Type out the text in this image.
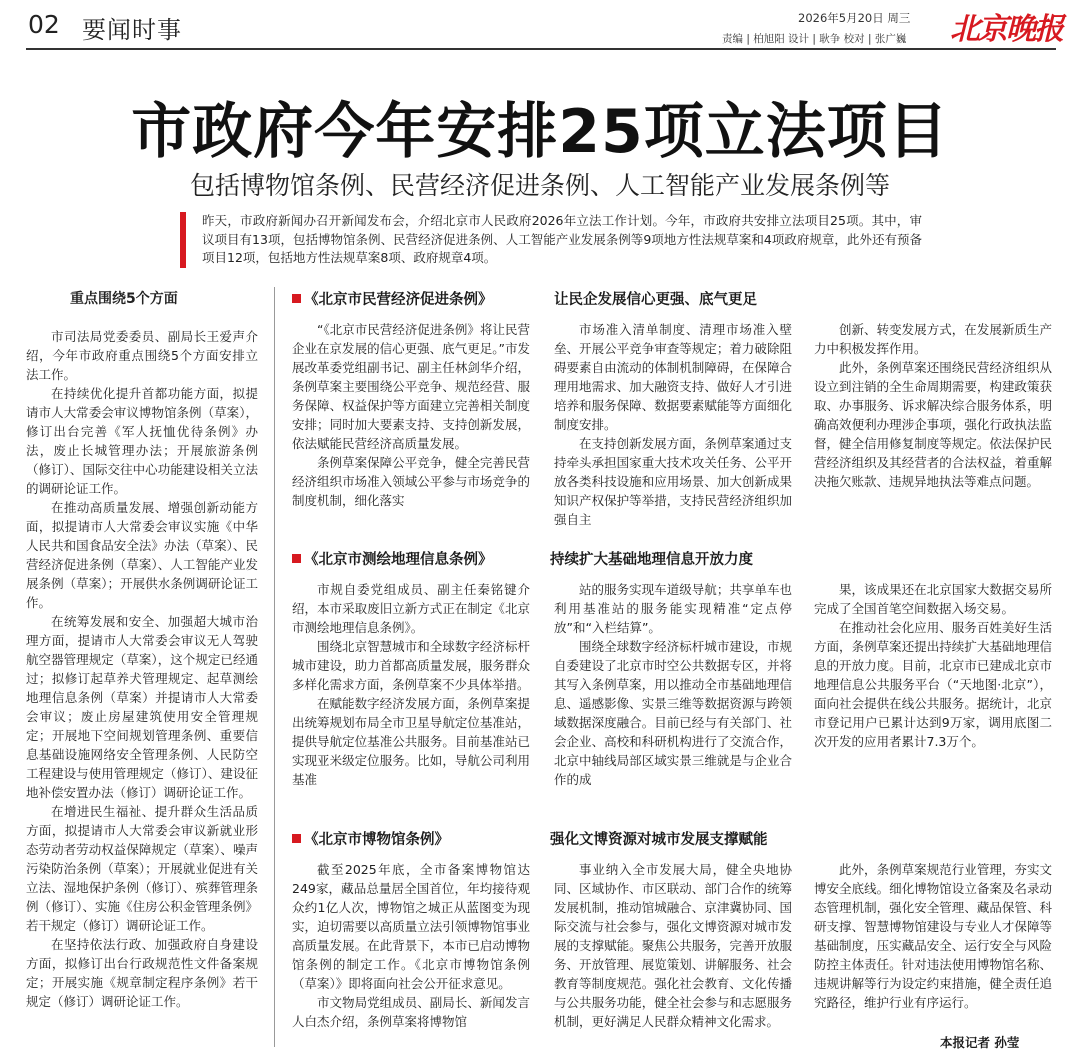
02 要闻时事	2026年5月20日 周三
责编 | 柏旭阳 设计 | 耿争 校对 | 张广巍 北京晚报
市政府今年安排25项立法项目
包括博物馆条例、民营经济促进条例、人工智能产业发展条例等
昨天，市政府新闻办召开新闻发布会，介绍北京市人民政府2026年立法工作计划。今年，市政府共安排立法项目25项。其中，审议项目有13项，包括博物馆条例、民营经济促进条例、人工智能产业发展条例等9项地方性法规草案和4项政府规章，此外还有预备项目12项，包括地方性法规草案8项、政府规章4项。

重点围绕5个方面

市司法局党委委员、副局长王爱声介绍，今年市政府重点围绕5个方面安排立法工作。

在持续优化提升首都功能方面，拟提请市人大常委会审议博物馆条例（草案），修订出台完善《军人抚恤优待条例》办法，废止长城管理办法；开展旅游条例（修订）、国际交往中心功能建设相关立法的调研论证工作。

在推动高质量发展、增强创新动能方面，拟提请市人大常委会审议实施《中华人民共和国食品安全法》办法（草案）、民营经济促进条例（草案）、人工智能产业发展条例（草案）；开展供水条例调研论证工作。

在统筹发展和安全、加强超大城市治理方面，提请市人大常委会审议无人驾驶航空器管理规定（草案），这个规定已经通过；拟修订起草养犬管理规定、起草测绘地理信息条例（草案）并提请市人大常委会审议；废止房屋建筑使用安全管理规定；开展地下空间规划管理条例、重要信息基础设施网络安全管理条例、人民防空工程建设与使用管理规定（修订）、建设征地补偿安置办法（修订）调研论证工作。

在增进民生福祉、提升群众生活品质方面，拟提请市人大常委会审议新就业形态劳动者劳动权益保障规定（草案）、噪声污染防治条例（草案）；开展就业促进有关立法、湿地保护条例（修订）、殡葬管理条例（修订）、实施《住房公积金管理条例》若干规定（修订）调研论证工作。

在坚持依法行政、加强政府自身建设方面，拟修订出台行政规范性文件备案规定；开展实施《规章制定程序条例》若干规定（修订）调研论证工作。

《北京市民营经济促进条例》	让民企发展信心更强、底气更足

“《北京市民营经济促进条例》将让民营企业在京发展的信心更强、底气更足。”市发展改革委党组副书记、副主任林剑华介绍，条例草案主要围绕公平竞争、规范经营、服务保障、权益保护等方面建立完善相关制度安排；同时加大要素支持、支持创新发展，依法赋能民营经济高质量发展。

条例草案保障公平竞争，健全完善民营经济组织市场准入领域公平参与市场竞争的制度机制，细化落实

市场准入清单制度、清理市场准入壁垒、开展公平竞争审查等规定；着力破除阻碍要素自由流动的体制机制障碍，在保障合理用地需求、加大融资支持、做好人才引进培养和服务保障、数据要素赋能等方面细化制度安排。

在支持创新发展方面，条例草案通过支持牵头承担国家重大技术攻关任务、公平开放各类科技设施和应用场景、加大创新成果知识产权保护等举措，支持民营经济组织加强自主

创新、转变发展方式，在发展新质生产力中积极发挥作用。

此外，条例草案还围绕民营经济组织从设立到注销的全生命周期需要，构建政策获取、办事服务、诉求解决综合服务体系，明确高效便利办理涉企事项，强化行政执法监督，健全信用修复制度等规定。依法保护民营经济组织及其经营者的合法权益，着重解决拖欠账款、违规异地执法等难点问题。

《北京市测绘地理信息条例》	持续扩大基础地理信息开放力度

市规自委党组成员、副主任秦铭键介绍，本市采取废旧立新方式正在制定《北京市测绘地理信息条例》。

围绕北京智慧城市和全球数字经济标杆城市建设，助力首都高质量发展，服务群众多样化需求方面，条例草案不少具体举措。

在赋能数字经济发展方面，条例草案提出统筹规划布局全市卫星导航定位基准站，提供导航定位基准公共服务。目前基准站已实现亚米级定位服务。比如，导航公司利用基准

站的服务实现车道级导航；共享单车也利用基准站的服务能实现精准“定点停放”和“入栏结算”。

围绕全球数字经济标杆城市建设，市规自委建设了北京市时空公共数据专区，并将其写入条例草案，用以推动全市基础地理信息、遥感影像、实景三维等数据资源与跨领域数据深度融合。目前已经与有关部门、社会企业、高校和科研机构进行了交流合作，北京中轴线局部区域实景三维就是与企业合作的成

果，该成果还在北京国家大数据交易所完成了全国首笔空间数据入场交易。

在推动社会化应用、服务百姓美好生活方面，条例草案还提出持续扩大基础地理信息的开放力度。目前，北京市已建成北京市地理信息公共服务平台（“天地图·北京”），面向社会提供在线公共服务。据统计，北京市登记用户已累计达到9万家，调用底图二次开发的应用者累计7.3万个。

《北京市博物馆条例》	强化文博资源对城市发展支撑赋能

截至2025年底，全市备案博物馆达249家，藏品总量居全国首位，年均接待观众约1亿人次，博物馆之城正从蓝图变为现实，迫切需要以高质量立法引领博物馆事业高质量发展。在此背景下，本市已启动博物馆条例的制定工作。《北京市博物馆条例（草案）》即将面向社会公开征求意见。

市文物局党组成员、副局长、新闻发言人白杰介绍，条例草案将博物馆

事业纳入全市发展大局，健全央地协同、区域协作、市区联动、部门合作的统筹发展机制，推动馆城融合、京津冀协同、国际交流与社会参与，强化文博资源对城市发展的支撑赋能。聚焦公共服务，完善开放服务、开放管理、展览策划、讲解服务、社会教育等制度规范。强化社会教育、文化传播与公共服务功能，健全社会参与和志愿服务机制，更好满足人民群众精神文化需求。

此外，条例草案规范行业管理，夯实文博安全底线。细化博物馆设立备案及名录动态管理机制，强化安全管理、藏品保管、科研支撑、智慧博物馆建设与专业人才保障等基础制度，压实藏品安全、运行安全与风险防控主体责任。针对违法使用博物馆名称、违规讲解等行为设定约束措施，健全责任追究路径，维护行业有序运行。

本报记者 孙莹
